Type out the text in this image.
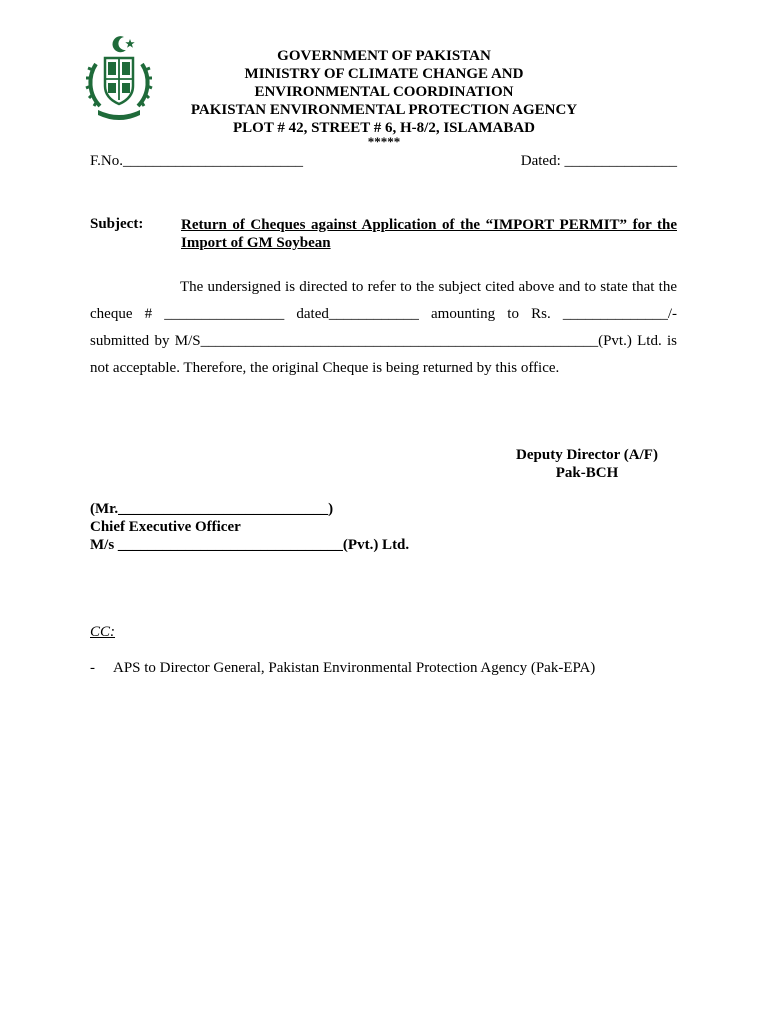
GOVERNMENT OF PAKISTAN
MINISTRY OF CLIMATE CHANGE AND
ENVIRONMENTAL COORDINATION
PAKISTAN ENVIRONMENTAL PROTECTION AGENCY
PLOT # 42, STREET # 6, H-8/2, ISLAMABAD
*****
F.No.________________________	Dated: _______________
Subject:	Return of Cheques against Application of the “IMPORT PERMIT” for the Import of GM Soybean
The undersigned is directed to refer to the subject cited above and to state that the
cheque # ________________ dated____________ amounting to Rs. ______________/-
submitted by M/S_____________________________________________________(Pvt.) Ltd. is
not acceptable. Therefore, the original Cheque is being returned by this office.
Deputy Director (A/F)
Pak-BCH
(Mr.____________________________)
Chief Executive Officer
M/s ______________________________(Pvt.) Ltd.
CC:
- APS to Director General, Pakistan Environmental Protection Agency (Pak-EPA)
